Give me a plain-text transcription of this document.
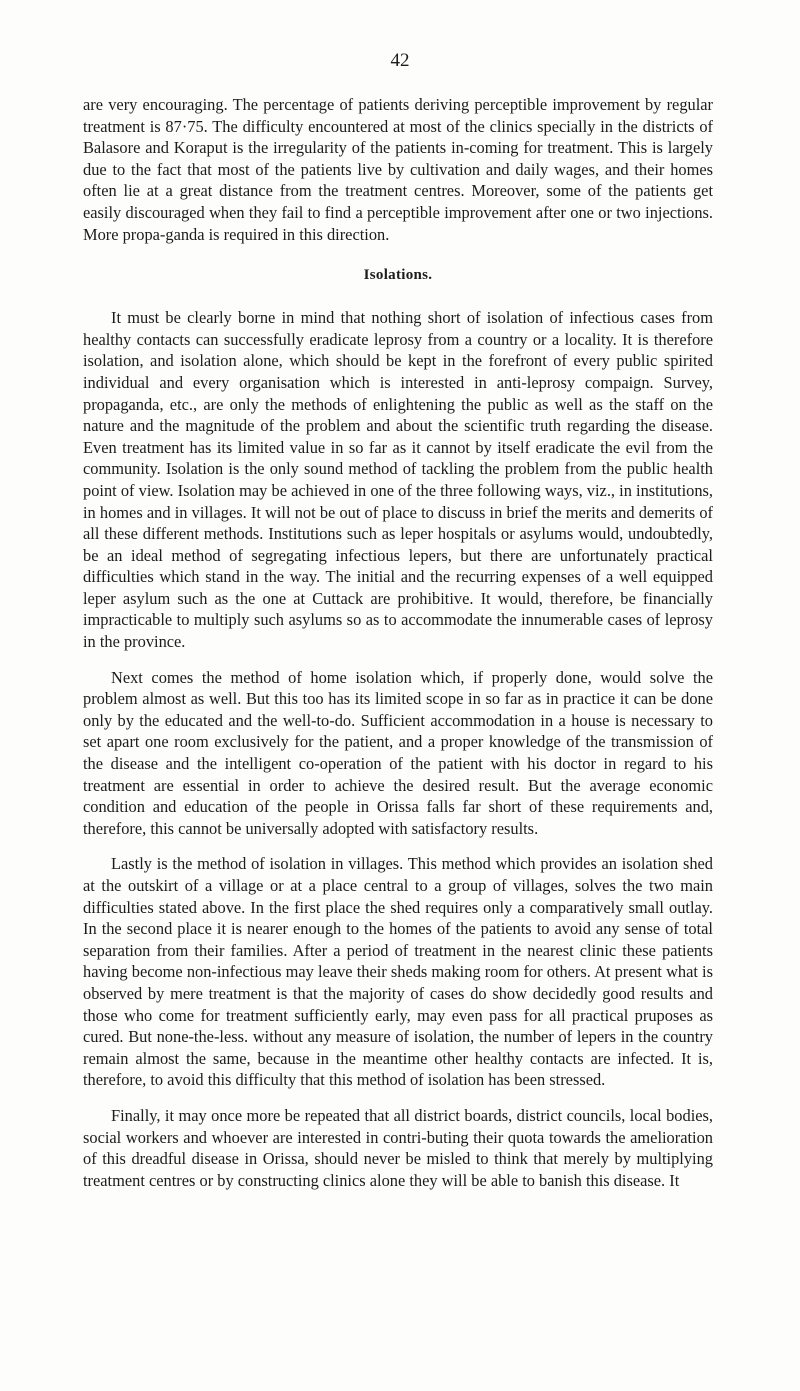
42

are very encouraging. The percentage of patients deriving perceptible improvement by regular treatment is 87·75. The difficulty encountered at most of the clinics specially in the districts of Balasore and Koraput is the irregularity of the patients in-coming for treatment. This is largely due to the fact that most of the patients live by cultivation and daily wages, and their homes often lie at a great distance from the treatment centres. Moreover, some of the patients get easily discouraged when they fail to find a perceptible improvement after one or two injections. More propa-ganda is required in this direction.

Isolations.

It must be clearly borne in mind that nothing short of isolation of infectious cases from healthy contacts can successfully eradicate leprosy from a country or a locality. It is therefore isolation, and isolation alone, which should be kept in the forefront of every public spirited individual and every organisation which is interested in anti-leprosy compaign. Survey, propaganda, etc., are only the methods of enlightening the public as well as the staff on the nature and the magnitude of the problem and about the scientific truth regarding the disease. Even treatment has its limited value in so far as it cannot by itself eradicate the evil from the community. Isolation is the only sound method of tackling the problem from the public health point of view. Isolation may be achieved in one of the three following ways, viz., in institutions, in homes and in villages. It will not be out of place to discuss in brief the merits and demerits of all these different methods. Institutions such as leper hospitals or asylums would, undoubtedly, be an ideal method of segregating infectious lepers, but there are unfortunately practical difficulties which stand in the way. The initial and the recurring expenses of a well equipped leper asylum such as the one at Cuttack are prohibitive. It would, therefore, be financially impracticable to multiply such asylums so as to accommodate the innumerable cases of leprosy in the province.

Next comes the method of home isolation which, if properly done, would solve the problem almost as well. But this too has its limited scope in so far as in practice it can be done only by the educated and the well-to-do. Sufficient accommodation in a house is necessary to set apart one room exclusively for the patient, and a proper knowledge of the transmission of the disease and the intelligent co-operation of the patient with his doctor in regard to his treatment are essential in order to achieve the desired result. But the average economic condition and education of the people in Orissa falls far short of these requirements and, therefore, this cannot be universally adopted with satisfactory results.

Lastly is the method of isolation in villages. This method which provides an isolation shed at the outskirt of a village or at a place central to a group of villages, solves the two main difficulties stated above. In the first place the shed requires only a comparatively small outlay. In the second place it is nearer enough to the homes of the patients to avoid any sense of total separation from their families. After a period of treatment in the nearest clinic these patients having become non-infectious may leave their sheds making room for others. At present what is observed by mere treatment is that the majority of cases do show decidedly good results and those who come for treatment sufficiently early, may even pass for all practical pruposes as cured. But none-the-less. without any measure of isolation, the number of lepers in the country remain almost the same, because in the meantime other healthy contacts are infected. It is, therefore, to avoid this difficulty that this method of isolation has been stressed.

Finally, it may once more be repeated that all district boards, district councils, local bodies, social workers and whoever are interested in contri-buting their quota towards the amelioration of this dreadful disease in Orissa, should never be misled to think that merely by multiplying treatment centres or by constructing clinics alone they will be able to banish this disease. It
